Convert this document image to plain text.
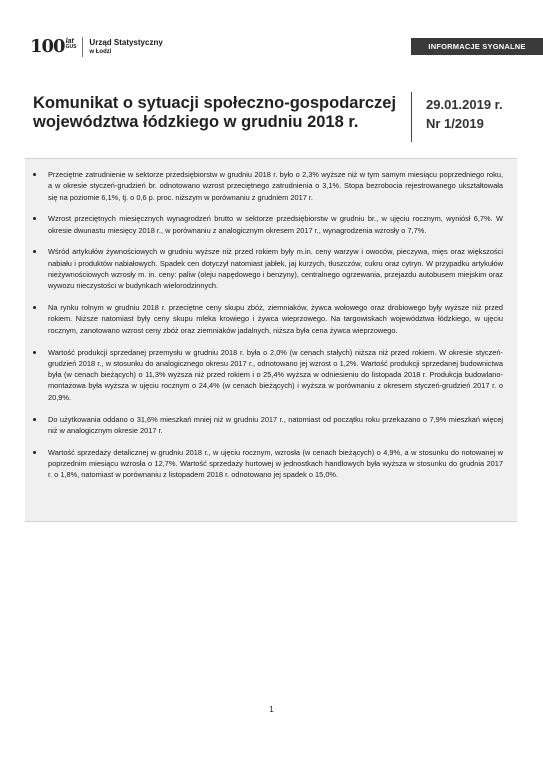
100 lat
GUS Urząd Statystyczny
w Łodzi
INFORMACJE SYGNALNE
Komunikat o sytuacji społeczno-gospodarczej województwa łódzkiego w grudniu 2018 r.
29.01.2019 r.
Nr 1/2019
Przeciętne zatrudnienie w sektorze przedsiębiorstw w grudniu 2018 r. było o 2,3% wyższe niż w tym samym miesiącu poprzedniego roku, a w okresie styczeń-grudzień br. odnotowano wzrost przeciętnego zatrudnienia o 3,1%. Stopa bezrobocia rejestrowanego ukształtowała się na poziomie 6,1%, tj. o 0,6 p. proc. niższym w porównaniu z grudniem 2017 r.
Wzrost przeciętnych miesięcznych wynagrodzeń brutto w sektorze przedsiębiorstw w grudniu br., w ujęciu rocznym, wyniósł 6,7%. W okresie dwunastu miesięcy 2018 r., w porównaniu z analogicznym okresem 2017 r., wynagrodzenia wzrosły o 7,7%.
Wśród artykułów żywnościowych w grudniu wyższe niż przed rokiem były m.in. ceny warzyw i owoców, pieczywa, mięs oraz większości nabiału i produktów nabiałowych. Spadek cen dotyczył natomiast jabłek, jaj kurzych, tłuszczów, cukru oraz cytryn. W przypadku artykułów nieżywnościowych wzrosły m. in. ceny: paliw (oleju napędowego i benzyny), centralnego ogrzewania, przejazdu autobusem miejskim oraz wywozu nieczystości w budynkach wielorodzinnych.
Na rynku rolnym w grudniu 2018 r. przeciętne ceny skupu zbóż, ziemniaków, żywca wołowego oraz drobiowego były wyższe niż przed rokiem. Niższe natomiast były ceny skupu mleka krowiego i żywca wieprzowego. Na targowiskach województwa łódzkiego, w ujęciu rocznym, zanotowano wzrost ceny zbóż oraz ziemniaków jadalnych, niższa była cena żywca wieprzowego.
Wartość produkcji sprzedanej przemysłu w grudniu 2018 r. była o 2,0% (w cenach stałych) niższa niż przed rokiem. W okresie styczeń-grudzień 2018 r., w stosunku do analogicznego okresu 2017 r., odnotowano jej wzrost o 1,2%. Wartość produkcji sprzedanej budownictwa była (w cenach bieżących) o 11,3% wyższa niż przed rokiem i o 25,4% wyższa w odniesieniu do listopada 2018 r. Produkcja budowlano-montażowa była wyższa w ujęciu rocznym o 24,4% (w cenach bieżących) i wyższa w porównaniu z okresem styczeń-grudzień 2017 r. o 20,9%.
Do użytkowania oddano o 31,6% mieszkań mniej niż w grudniu 2017 r., natomiast od początku roku przekazano o 7,9% mieszkań więcej niż w analogicznym okresie 2017 r.
Wartość sprzedaży detalicznej w grudniu 2018 r., w ujęciu rocznym, wzrosła (w cenach bieżących) o 4,9%, a w stosunku do notowanej w poprzednim miesiącu wzrosła o 12,7%. Wartość sprzedaży hurtowej w jednostkach handlowych była wyższa w stosunku do grudnia 2017 r. o 1,8%, natomiast w porównaniu z listopadem 2018 r. odnotowano jej spadek o 15,0%.
1
